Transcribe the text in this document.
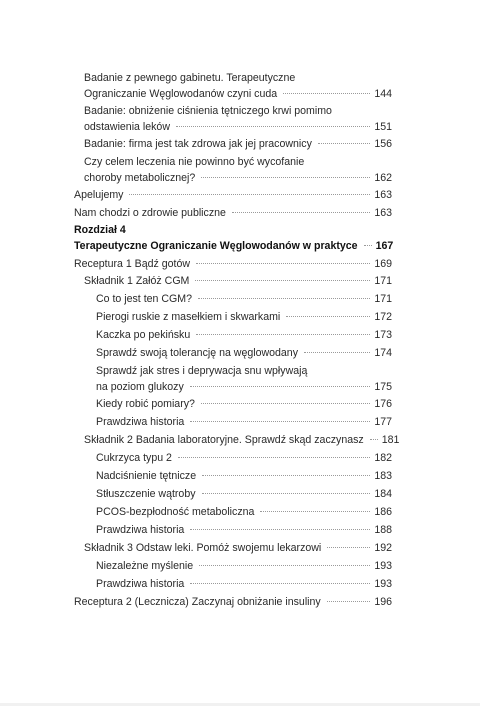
Badanie z pewnego gabinetu. Terapeutyczne
Ograniczanie Węglowodanów czyni cuda	144
Badanie: obniżenie ciśnienia tętniczego krwi pomimo
odstawienia leków	151
Badanie: firma jest tak zdrowa jak jej pracownicy	156
Czy celem leczenia nie powinno być wycofanie
choroby metabolicznej?	162
Apelujemy	163
Nam chodzi o zdrowie publiczne	163
Rozdział 4
Terapeutyczne Ograniczanie Węglowodanów w praktyce 167
Receptura 1 Bądź gotów	169
Składnik 1 Załóż CGM	171
Co to jest ten CGM?	171
Pierogi ruskie z masełkiem i skwarkami	172
Kaczka po pekińsku	173
Sprawdź swoją tolerancję na węglowodany	174
Sprawdź jak stres i deprywacja snu wpływają
na poziom glukozy	175
Kiedy robić pomiary?	176
Prawdziwa historia	177
Składnik 2 Badania laboratoryjne. Sprawdź skąd zaczynasz 181
Cukrzyca typu 2	182
Nadciśnienie tętnicze	183
Stłuszczenie wątroby	184
PCOS-bezpłodność metaboliczna	186
Prawdziwa historia	188
Składnik 3 Odstaw leki. Pomóż swojemu lekarzowi	192
Niezależne myślenie	193
Prawdziwa historia	193
Receptura 2 (Lecznicza) Zaczynaj obniżanie insuliny	196
